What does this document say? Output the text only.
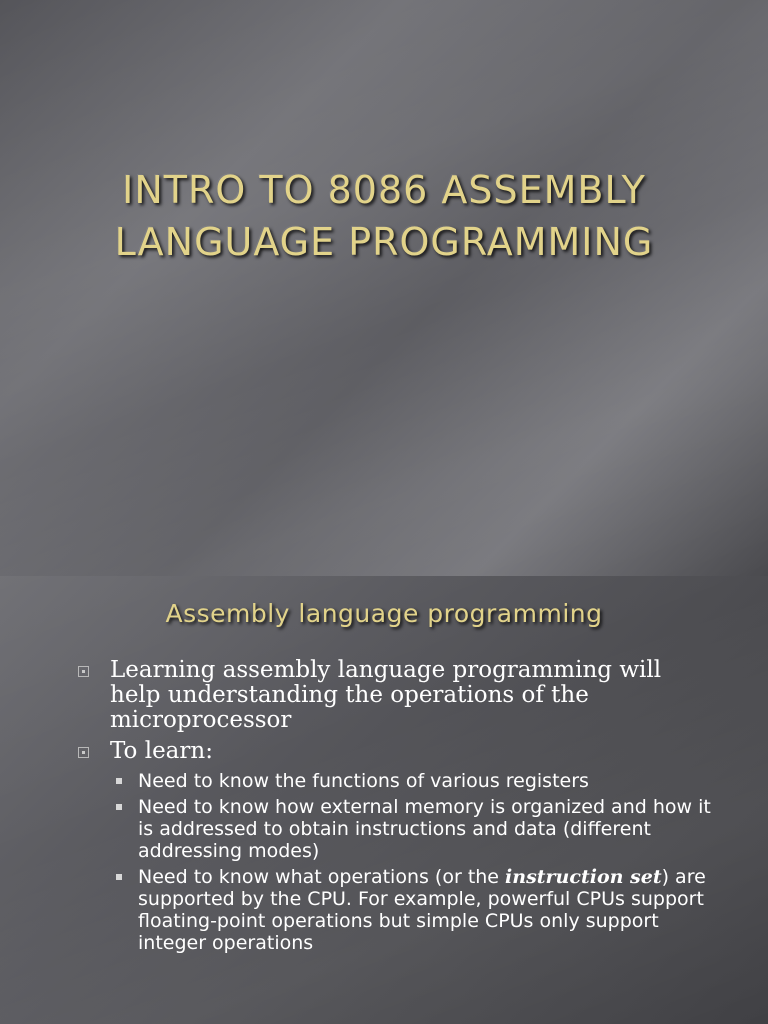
INTRO TO 8086 ASSEMBLY
LANGUAGE PROGRAMMING
Assembly language programming
Learning assembly language programming will help understanding the operations of the microprocessor
To learn:
Need to know the functions of various registers
Need to know how external memory is organized and how it is addressed to obtain instructions and data (different addressing modes)
Need to know what operations (or the instruction set) are supported by the CPU. For example, powerful CPUs support floating-point operations but simple CPUs only support integer operations
